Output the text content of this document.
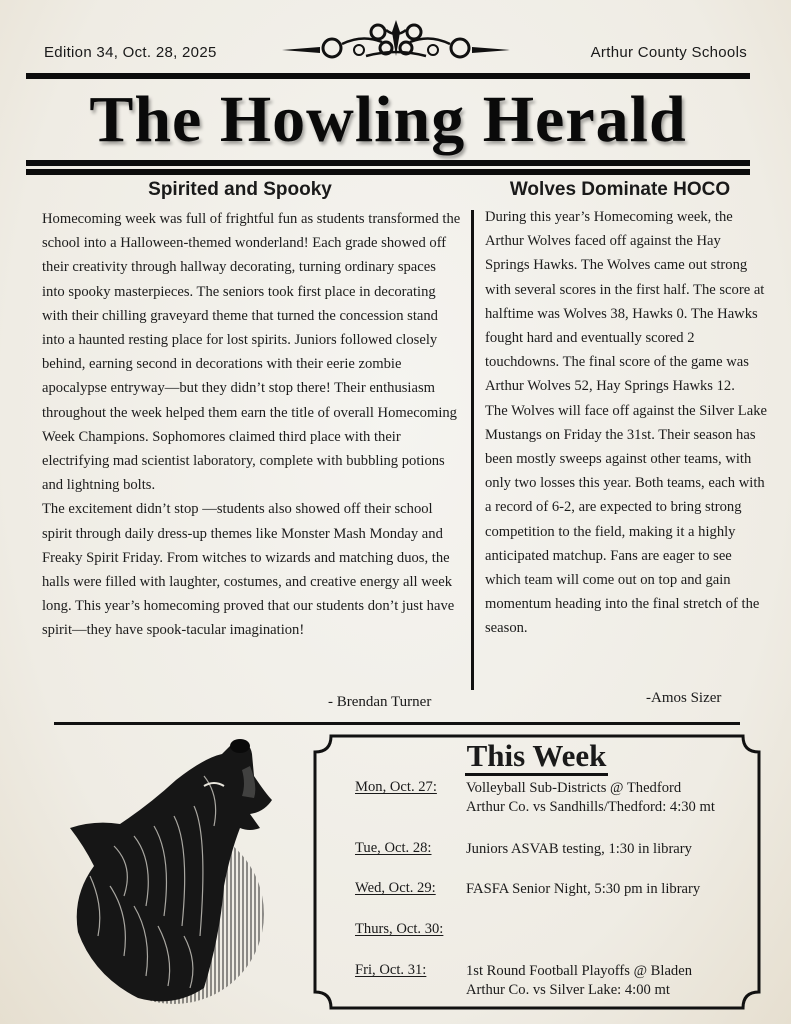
Edition 34, Oct. 28, 2025	Arthur County Schools
The Howling Herald
Spirited and Spooky

Homecoming week was full of frightful fun as students transformed the school into a Halloween-themed wonderland! Each grade showed off their creativity through hallway decorating, turning ordinary spaces into spooky masterpieces. The seniors took first place in decorating with their chilling graveyard theme that turned the concession stand into a haunted resting place for lost spirits. Juniors followed closely behind, earning second in decorations with their eerie zombie apocalypse entryway—but they didn’t stop there! Their enthusiasm throughout the week helped them earn the title of overall Homecoming Week Champions. Sophomores claimed third place with their electrifying mad scientist laboratory, complete with bubbling potions and lightning bolts.

The excitement didn’t stop —students also showed off their school spirit through daily dress-up themes like Monster Mash Monday and Freaky Spirit Friday. From witches to wizards and matching duos, the halls were filled with laughter, costumes, and creative energy all week long. This year’s homecoming proved that our students don’t just have spirit—they have spook-tacular imagination!

- Brendan Turner
Wolves Dominate HOCO

During this year’s Homecoming week, the Arthur Wolves faced off against the Hay Springs Hawks. The Wolves came out strong with several scores in the first half. The score at halftime was Wolves 38, Hawks 0. The Hawks fought hard and eventually scored 2 touchdowns. The final score of the game was Arthur Wolves 52, Hay Springs Hawks 12.

The Wolves will face off against the Silver Lake Mustangs on Friday the 31st. Their season has been mostly sweeps against other teams, with only two losses this year. Both teams, each with a record of 6-2, are expected to bring strong competition to the field, making it a highly anticipated matchup. Fans are eager to see which team will come out on top and gain momentum heading into the final stretch of the season.

-Amos Sizer
This Week
Mon, Oct. 27: Volleyball Sub-Districts @ Thedford
Arthur Co. vs Sandhills/Thedford: 4:30 mt
Tue, Oct. 28: Juniors ASVAB testing, 1:30 in library
Wed, Oct. 29: FASFA Senior Night, 5:30 pm in library
Thurs, Oct. 30:
Fri, Oct. 31:	1st Round Football Playoffs @ Bladen
Arthur Co. vs Silver Lake: 4:00 mt
